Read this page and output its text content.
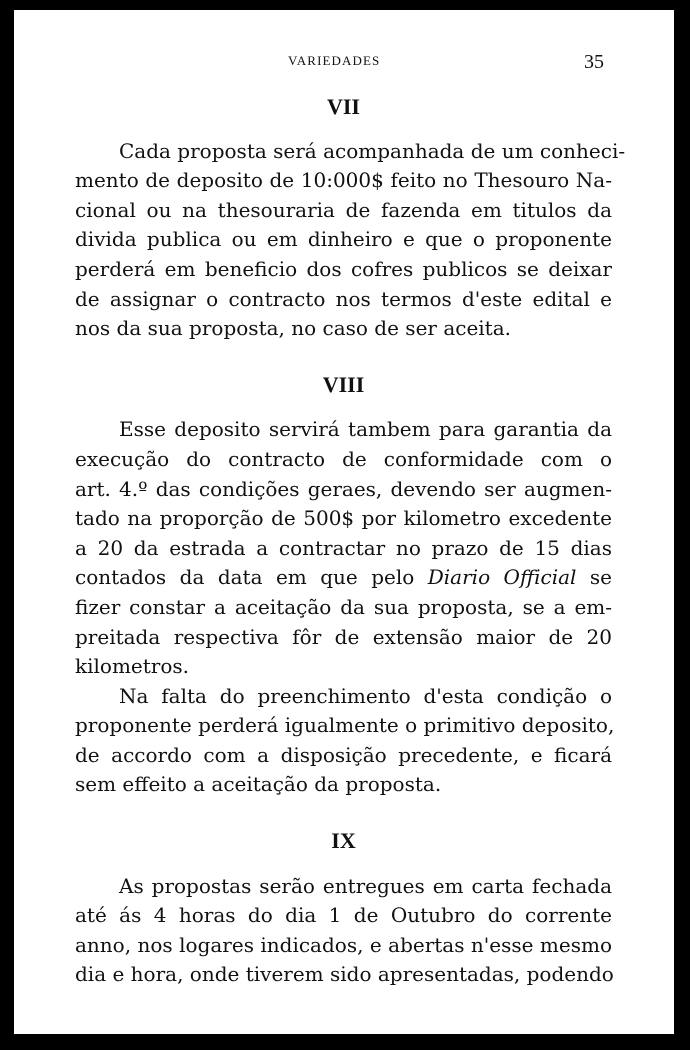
VARIEDADES	35
VII
Cada proposta será acompanhada de um conheci-
mento de deposito de 10:000$ feito no Thesouro Na-
cional ou na thesouraria de fazenda em titulos da
divida publica ou em dinheiro e que o proponente
perderá em beneficio dos cofres publicos se deixar
de assignar o contracto nos termos d'este edital e
nos da sua proposta, no caso de ser aceita.
VIII
Esse deposito servirá tambem para garantia da
execução do contracto de conformidade com o
art. 4.º das condições geraes, devendo ser augmen-
tado na proporção de 500$ por kilometro excedente
a 20 da estrada a contractar no prazo de 15 dias
contados da data em que pelo Diario Official se
fizer constar a aceitação da sua proposta, se a em-
preitada respectiva fôr de extensão maior de 20
kilometros.
Na falta do preenchimento d'esta condição o
proponente perderá igualmente o primitivo deposito,
de accordo com a disposição precedente, e ficará
sem effeito a aceitação da proposta.
IX
As propostas serão entregues em carta fechada
até ás 4 horas do dia 1 de Outubro do corrente
anno, nos logares indicados, e abertas n'esse mesmo
dia e hora, onde tiverem sido apresentadas, podendo
